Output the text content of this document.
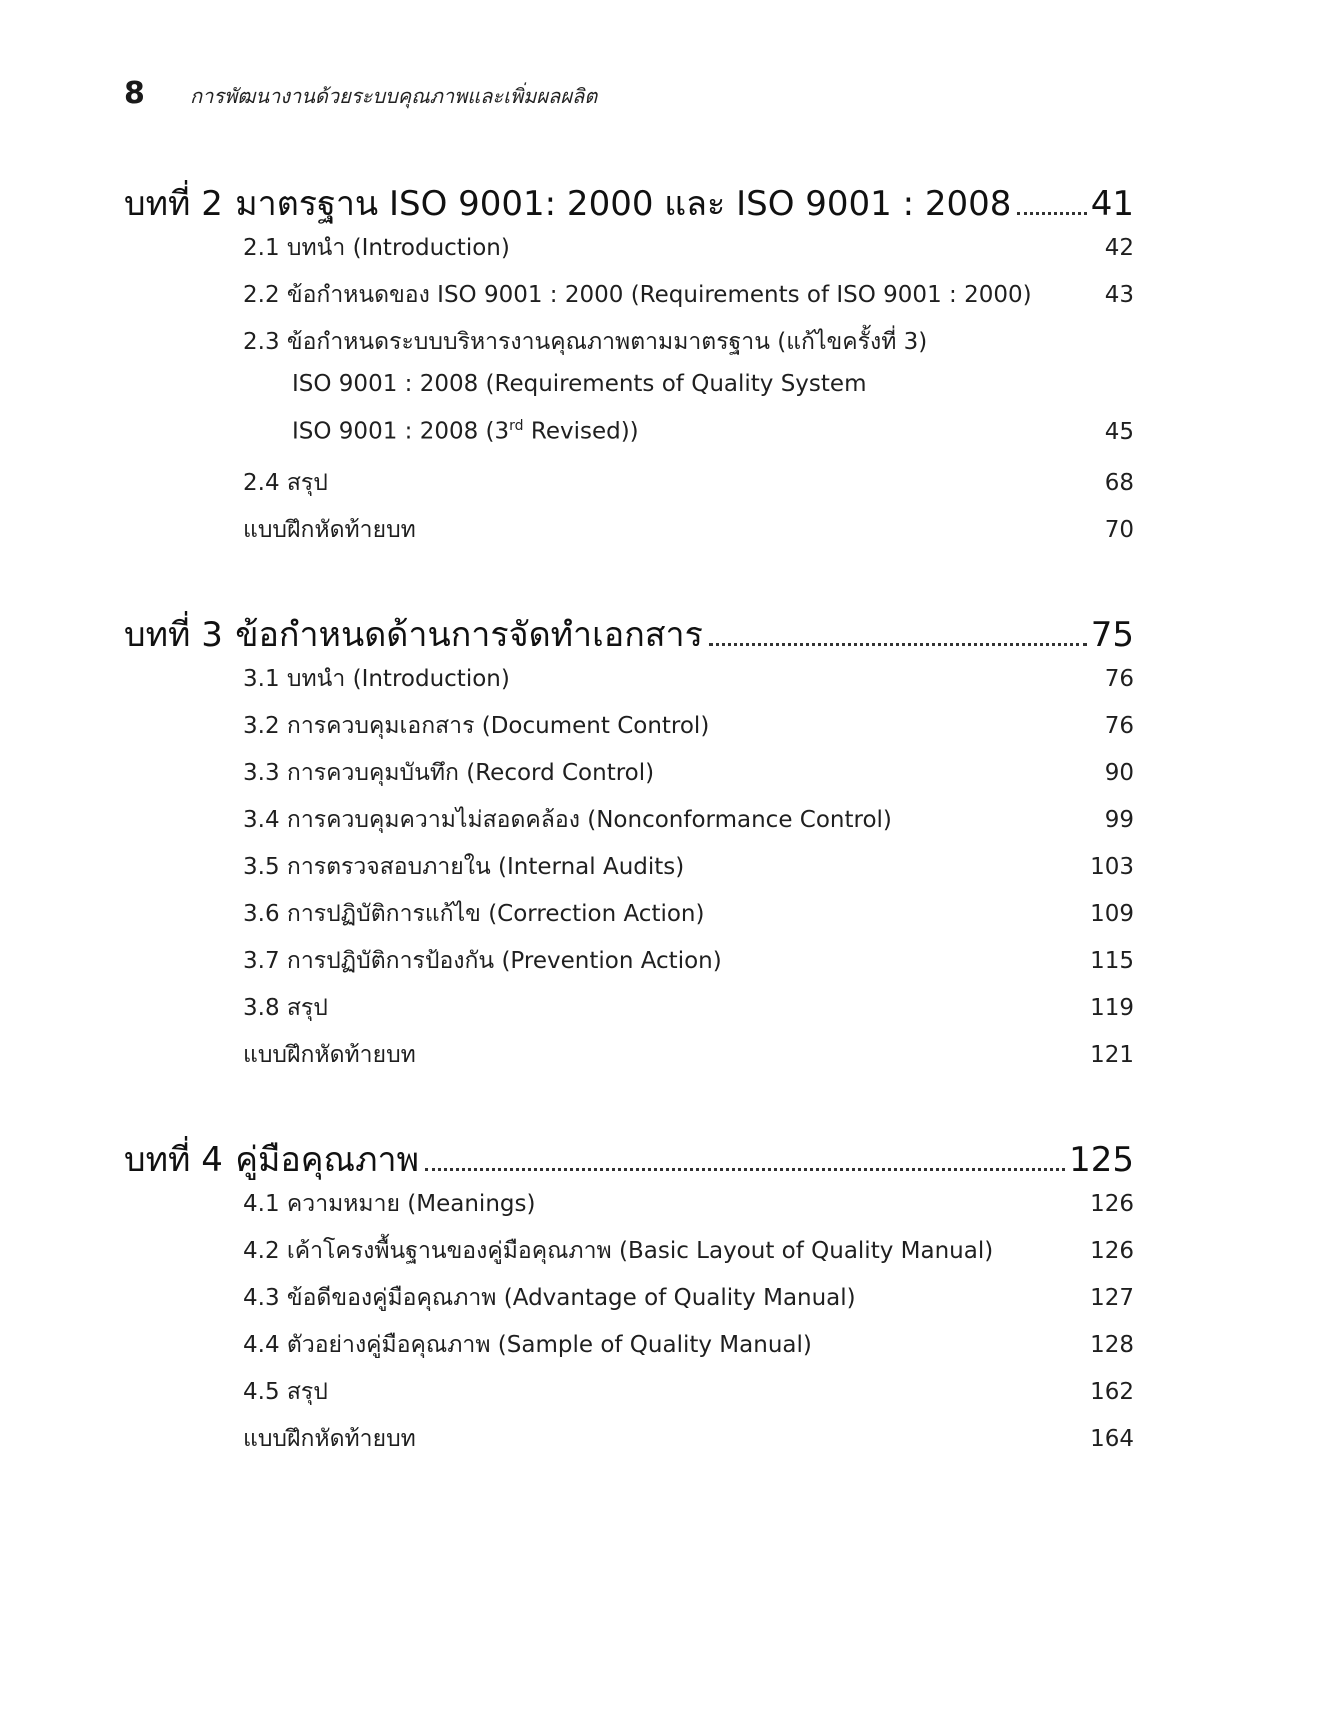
8	การพัฒนางานด้วยระบบคุณภาพและเพิ่มผลผลิต
บทที่
2 มาตรฐาน ISO 9001: 2000 และ ISO 9001 : 2008 41
2.1 บทนำ (Introduction)	42
2.2 ข้อกำหนดของ ISO 9001 : 2000 (Requirements of ISO 9001 : 2000)	43
2.3 ข้อกำหนดระบบบริหารงานคุณภาพตามมาตรฐาน (แก้ไขครั้งที่ 3)
ISO 9001 : 2008 (Requirements of Quality System
ISO 9001 : 2008 (3rd Revised))	45
2.4 สรุป	68
แบบฝึกหัดท้ายบท	70
บทที่
3 ข้อกำหนดด้านการจัดทำเอกสาร	75
3.1 บทนำ (Introduction)	76
3.2 การควบคุมเอกสาร (Document Control)	76
3.3 การควบคุมบันทึก (Record Control)	90
3.4 การควบคุมความไม่สอดคล้อง (Nonconformance Control)	99
3.5 การตรวจสอบภายใน (Internal Audits)	103
3.6 การปฏิบัติการแก้ไข (Correction Action)	109
3.7 การปฏิบัติการป้องกัน (Prevention Action)	115
3.8 สรุป	119
แบบฝึกหัดท้ายบท	121
บทที่
4 คู่มือคุณภาพ	125
4.1 ความหมาย (Meanings)	126
4.2 เค้าโครงพื้นฐานของคู่มือคุณภาพ (Basic Layout of Quality Manual)	126
4.3 ข้อดีของคู่มือคุณภาพ (Advantage of Quality Manual)	127
4.4 ตัวอย่างคู่มือคุณภาพ (Sample of Quality Manual)	128
4.5 สรุป	162
แบบฝึกหัดท้ายบท	164
